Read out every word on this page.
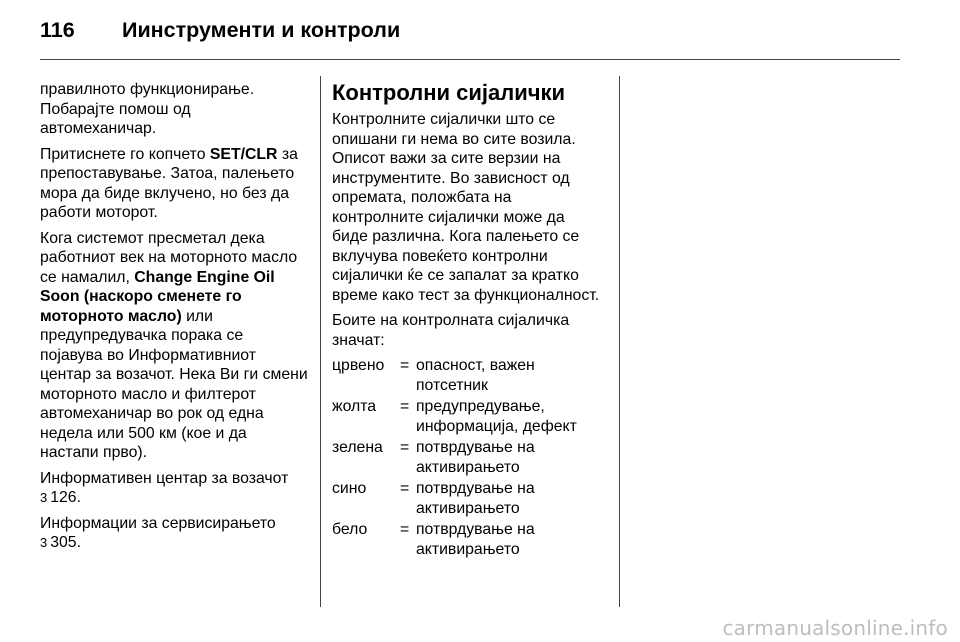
116 Иинструменти и контроли

правилното функционирање. Побарајте помош од автомеханичар.

Притиснете го копчето SET/CLR за препоставување. Затоа, палењето мора да биде вклучено, но без да работи моторот.

Кога системот пресметал дека работниот век на моторното масло се намалил, Change Engine Oil Soon (наскоро сменете го моторното масло) или предупредувачка порака се појавува во Информативниот центар за возачот. Нека Ви ги смени моторното масло и филтерот автомеханичар во рок од една недела или 500 км (кое и да настапи прво).

Информативен центар за возачот
3 126.

Информации за сервисирањето
3 305.

Контролни сијалички

Контролните сијалички што се опишани ги нема во сите возила. Описот важи за сите верзии на инструментите. Во зависност од опремата, положбата на контролните сијалички може да биде различна. Кога палењето се вклучува повеќето контролни сијалички ќе се запалат за кратко време како тест за функционалност.

Боите на контролната сијаличка значат:

црвено = опасност, важен потсетник
жолта	= предупредување, информација, дефект
зелена	= потврдување на активирањето
сино	= потврдување на активирањето
бело	= потврдување на активирањето
carmanualsonline.info
